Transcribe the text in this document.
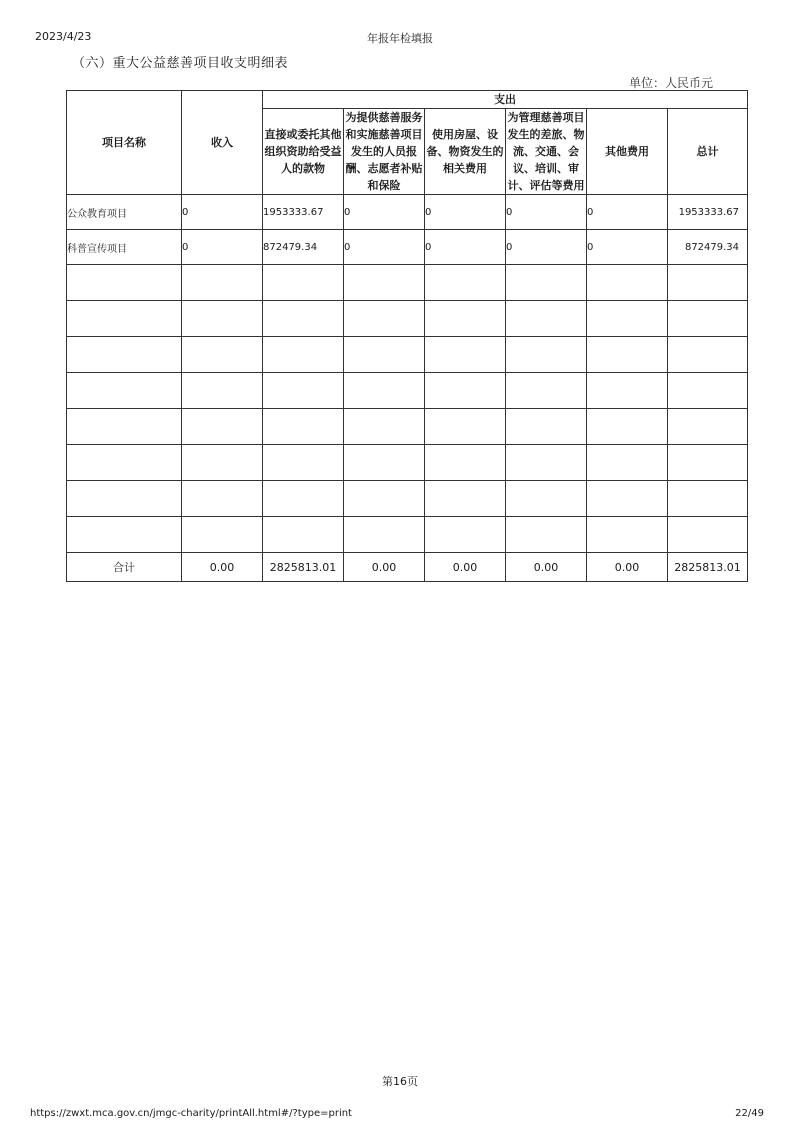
2023/4/23	年报年检填报
（六）重大公益慈善项目收支明细表
单位：人民币元
项目名称	收入	支出					
		直接或委托其他组织资助给受益人的款物	为提供慈善服务和实施慈善项目发生的人员报酬、志愿者补贴和保险	使用房屋、设备、物资发生的相关费用	为管理慈善项目发生的差旅、物流、交通、会议、培训、审计、评估等费用	其他费用	总计
公众教育项目	0	1953333.67	0	0	0	0	1953333.67
科普宣传项目	0	872479.34	0	0	0	0	872479.34

合计	0.00	2825813.01	0.00	0.00	0.00	0.00	2825813.01
第16页
https://zwxt.mca.gov.cn/jmgc-charity/printAll.html#/?type=print	22/49
